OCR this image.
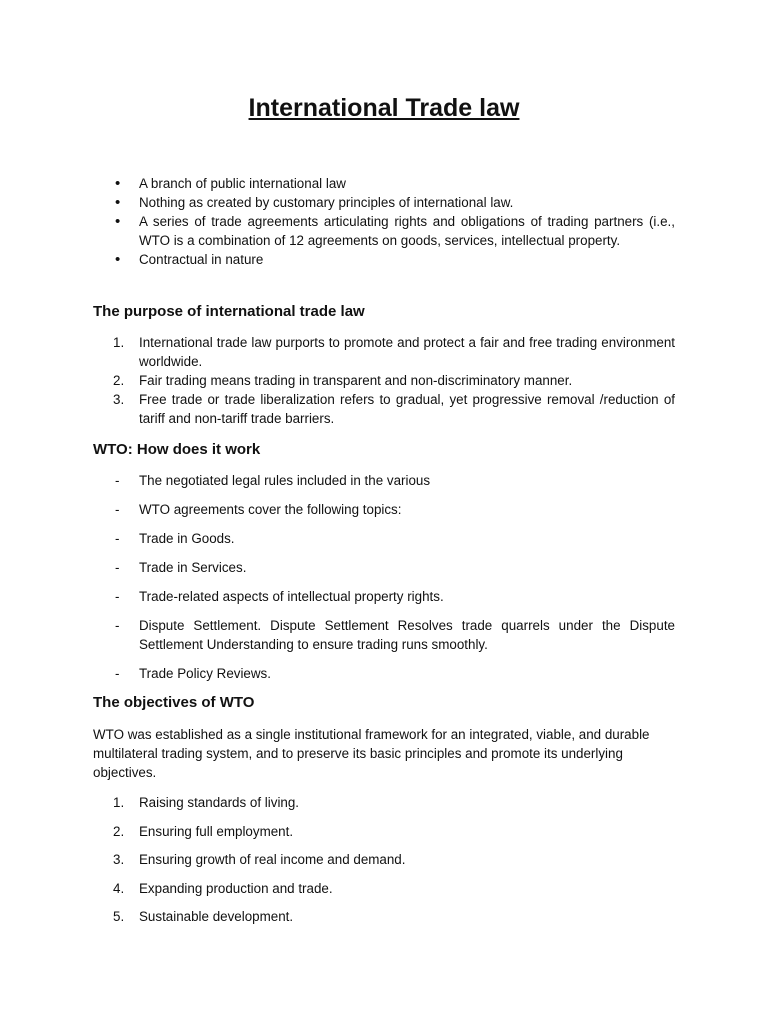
International Trade law
• A branch of public international law
• Nothing as created by customary principles of international law.
• A series of trade agreements articulating rights and obligations of trading partners (i.e., WTO is a combination of 12 agreements on goods, services, intellectual property.
• Contractual in nature
The purpose of international trade law
1. International trade law purports to promote and protect a fair and free trading environment worldwide.
2. Fair trading means trading in transparent and non-discriminatory manner.
3. Free trade or trade liberalization refers to gradual, yet progressive removal /reduction of tariff and non-tariff trade barriers.
WTO: How does it work
- The negotiated legal rules included in the various
- WTO agreements cover the following topics:
- Trade in Goods.
- Trade in Services.
- Trade-related aspects of intellectual property rights.
- Dispute Settlement. Dispute Settlement Resolves trade quarrels under the Dispute Settlement Understanding to ensure trading runs smoothly.
- Trade Policy Reviews.
The objectives of WTO

WTO was established as a single institutional framework for an integrated, viable, and durable multilateral trading system, and to preserve its basic principles and promote its underlying objectives.

1. Raising standards of living.
2. Ensuring full employment.
3. Ensuring growth of real income and demand.
4. Expanding production and trade.
5. Sustainable development.
